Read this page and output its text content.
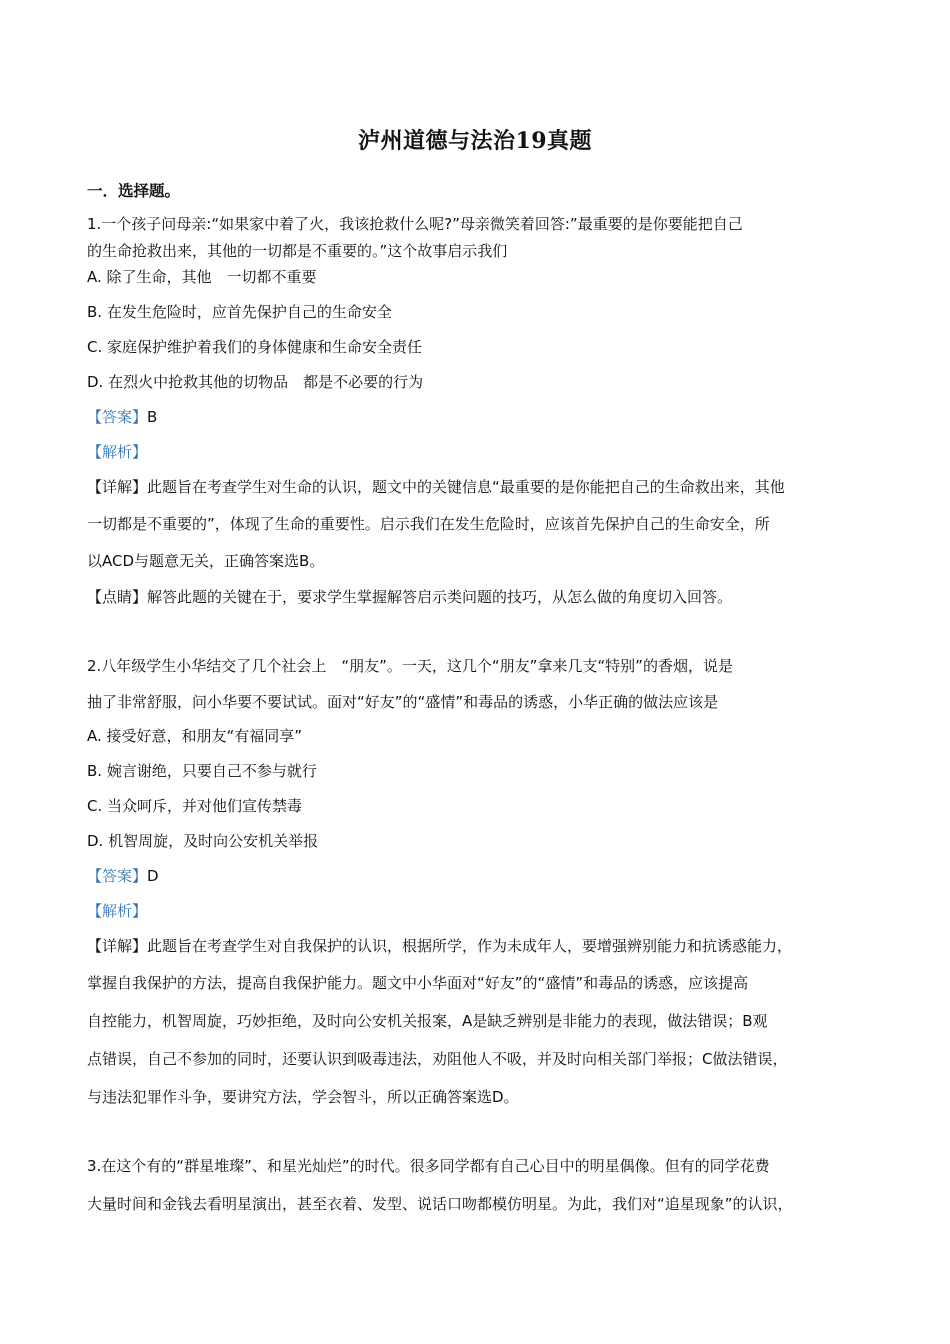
泸州道德与法治19真题
一．选择题。
1.一个孩子问母亲:“如果家中着了火，我该抢救什么呢?”母亲微笑着回答:”最重要的是你要能把自己
的生命抢救出来，其他的一切都是不重要的。”这个故事启示我们
A. 除了生命，其他　一切都不重要
B. 在发生危险时，应首先保护自己的生命安全
C. 家庭保护维护着我们的身体健康和生命安全责任
D. 在烈火中抢救其他的切物品　都是不必要的行为
【答案】B
【解析】
【详解】此题旨在考查学生对生命的认识，题文中的关键信息“最重要的是你能把自己的生命救出来，其他
一切都是不重要的”，体现了生命的重要性。启示我们在发生危险时，应该首先保护自己的生命安全，所
以ACD与题意无关，正确答案选B。
【点睛】解答此题的关键在于，要求学生掌握解答启示类问题的技巧，从怎么做的角度切入回答。
2.八年级学生小华结交了几个社会上　“朋友”。一天，这几个“朋友”拿来几支“特别”的香烟，说是
抽了非常舒服，问小华要不要试试。面对“好友”的“盛情”和毒品的诱惑，小华正确的做法应该是
A. 接受好意，和朋友“有福同享”
B. 婉言谢绝，只要自己不参与就行
C. 当众呵斥，并对他们宣传禁毒
D. 机智周旋，及时向公安机关举报
【答案】D
【解析】
【详解】此题旨在考查学生对自我保护的认识，根据所学，作为未成年人，要增强辨别能力和抗诱惑能力，
掌握自我保护的方法，提高自我保护能力。题文中小华面对“好友”的“盛情”和毒品的诱惑，应该提高
自控能力，机智周旋，巧妙拒绝，及时向公安机关报案，A是缺乏辨别是非能力的表现，做法错误；B观
点错误，自己不参加的同时，还要认识到吸毒违法，劝阻他人不吸，并及时向相关部门举报；C做法错误，
与违法犯罪作斗争，要讲究方法，学会智斗，所以正确答案选D。
3.在这个有的“群星堆璨”、和星光灿烂”的时代。很多同学都有自己心目中的明星偶像。但有的同学花费
大量时间和金钱去看明星演出，甚至衣着、发型、说话口吻都模仿明星。为此，我们对“追星现象”的认识，
